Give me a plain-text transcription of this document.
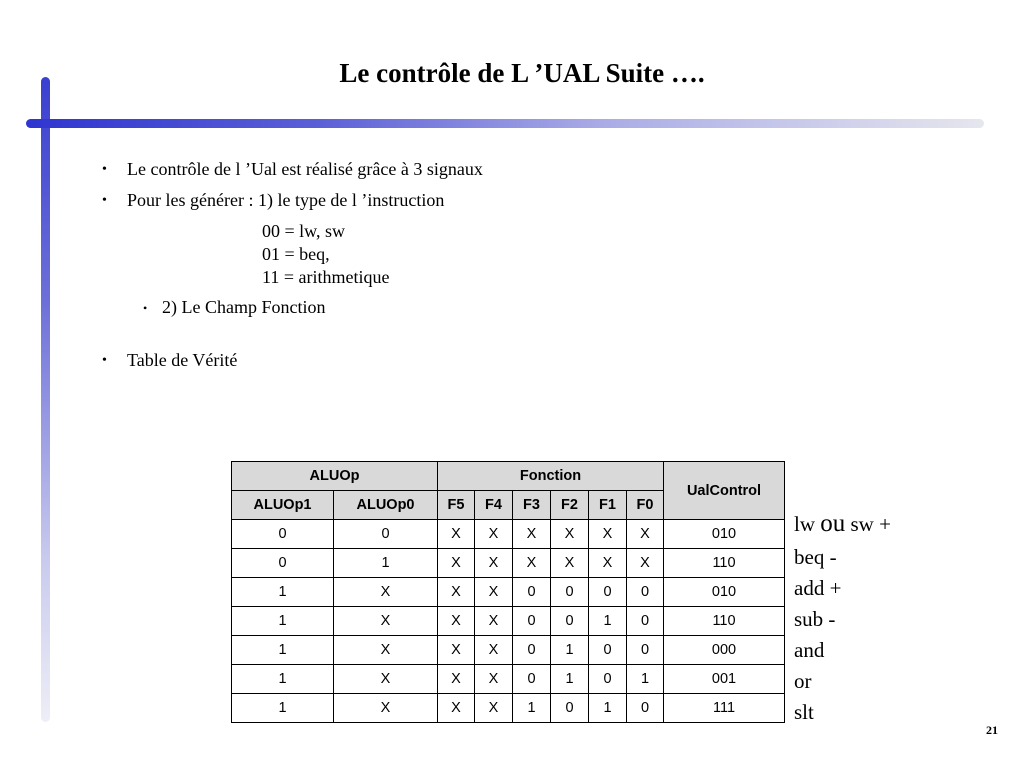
Le contrôle de L ’UAL Suite ….
• Le contrôle de l ’Ual est réalisé grâce à 3 signaux
• Pour les générer : 1) le type de l ’instruction
00 = lw, sw
01 = beq,
11 = arithmetique
• 2) Le Champ Fonction
• Table de Vérité
ALUOp		Fonction						UalControl
ALUOp1	ALUOp0	F5	F4	F3	F2	F1	F0	
0	0	X	X	X	X	X	X	010
0	1	X	X	X	X	X	X	110
1	X	X	X	0	0	0	0	010
1	X	X	X	0	0	1	0	110
1	X	X	X	0	1	0	0	000
1	X	X	X	0	1	0	1	001
1	X	X	X	1	0	1	0	111
lw ou sw +
beq -
add +
sub -
and
or
slt
21
